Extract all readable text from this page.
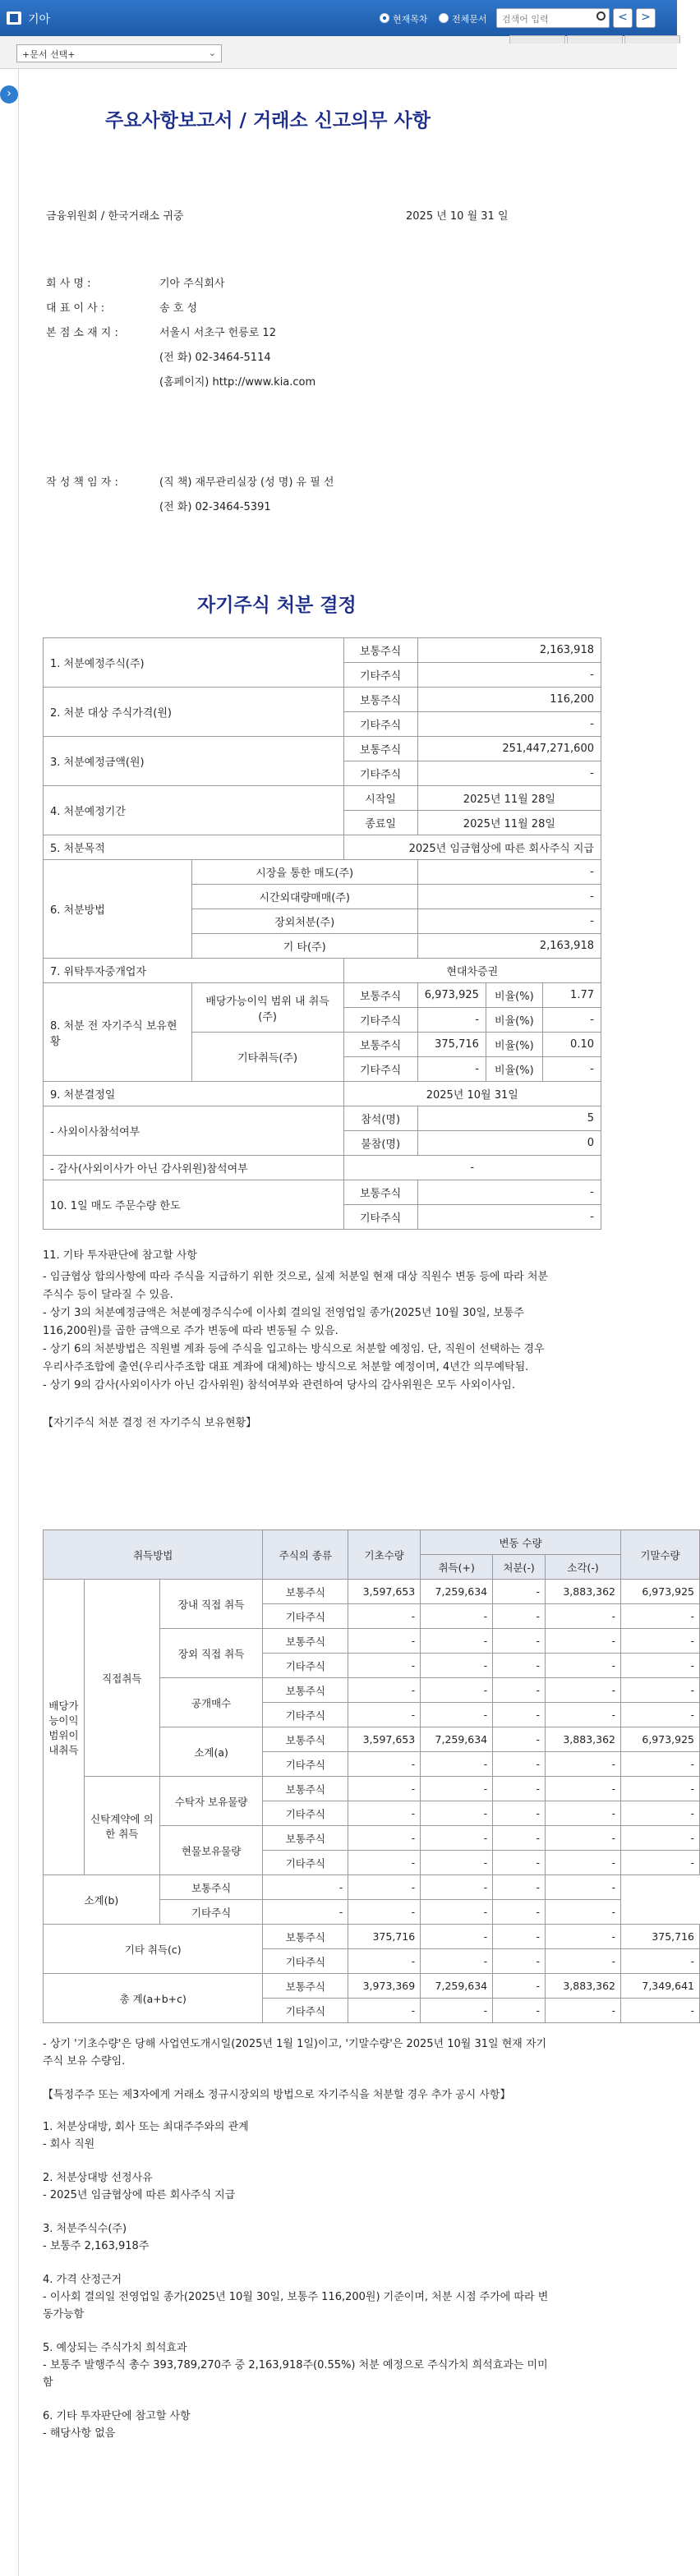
기아	현재목차	전체문서	검색어 입력	<	>
+문서 선택+	⌄
›
주요사항보고서 / 거래소 신고의무 사항
금융위원회 / 한국거래소 귀중	2025 년 10 월 31 일
회 사 명 :	기아 주식회사
대 표 이 사 :	송 호 성
본 점 소 재 지 :	서울시 서초구 헌릉로 12
(전 화) 02-3464-5114
(홈페이지) http://www.kia.com
작 성 책 임 자 :	(직 책) 재무관리실장 (성 명) 유 필 선
(전 화) 02-3464-5391
자기주식 처분 결정
1. 처분예정주식(주)		보통주식	2,163,918		
		기타주식	-		
2. 처분 대상 주식가격(원)		보통주식	116,200		
		기타주식	-		
3. 처분예정금액(원)		보통주식	251,447,271,600		
		기타주식	-		
4. 처분예정기간		시작일	2025년 11월 28일		
		종료일	2025년 11월 28일		
5. 처분목적		2025년 임금협상에 따른 회사주식 지급			
6. 처분방법	시장을 통한 매도(주)		-		
	시간외대량매매(주)		-		
	장외처분(주)		-		
	기 타(주)		2,163,918		
7. 위탁투자중개업자		현대차증권			
8. 처분 전 자기주식 보유현황	배당가능이익 범위 내 취득(주)	보통주식	6,973,925	비율(%)	1.77
		기타주식	-	비율(%)	-
	기타취득(주)	보통주식	375,716	비율(%)	0.10
		기타주식	-	비율(%)	-
9. 처분결정일		2025년 10월 31일			
- 사외이사참석여부		참석(명)	5		
		불참(명)	0		
- 감사(사외이사가 아닌 감사위원)참석여부		-			
10. 1일 매도 주문수량 한도		보통주식	-		
		기타주식	-		
11. 기타 투자판단에 참고할 사항
- 임금협상 합의사항에 따라 주식을 지급하기 위한 것으로, 실제 처분일 현재 대상 직원수 변동 등에 따라 처분 주식수 등이 달라질 수 있음.
- 상기 3의 처분예정금액은 처분예정주식수에 이사회 결의일 전영업일 종가(2025년 10월 30일, 보통주 116,200원)를 곱한 금액으로 주가 변동에 따라 변동될 수 있음.
- 상기 6의 처분방법은 직원별 계좌 등에 주식을 입고하는 방식으로 처분할 예정임. 단, 직원이 선택하는 경우 우리사주조합에 출연(우리사주조합 대표 계좌에 대체)하는 방식으로 처분할 예정이며, 4년간 의무예탁됨.
- 상기 9의 감사(사외이사가 아닌 감사위원) 참석여부와 관련하여 당사의 감사위원은 모두 사외이사임.
【자기주식 처분 결정 전 자기주식 보유현황】
취득방법			주식의 종류	기초수량	변동 수량			기말수량
					취득(+)	처분(-)	소각(-)	
배당가능이익범위이내취득	직접취득	장내 직접 취득	보통주식	3,597,653	7,259,634	-	3,883,362	6,973,925
			기타주식	-	-	-	-	-
		장외 직접 취득	보통주식	-	-	-	-	-
			기타주식	-	-	-	-	-
		공개매수	보통주식	-	-	-	-	-
			기타주식	-	-	-	-	-
		소계(a)	보통주식	3,597,653	7,259,634	-	3,883,362	6,973,925
			기타주식	-	-	-	-	-
	신탁계약에 의한 취득	수탁자 보유물량	보통주식	-	-	-	-	-
			기타주식	-	-	-	-	-
		현물보유물량	보통주식	-	-	-	-	-
			기타주식	-	-	-	-	-
소계(b)		보통주식	-	-	-	-	-	
		기타주식	-	-	-	-	-	
기타 취득(c)			보통주식	375,716	-	-	-	375,716
			기타주식	-	-	-	-	-
총 계(a+b+c)			보통주식	3,973,369	7,259,634	-	3,883,362	7,349,641
			기타주식	-	-	-	-	-
- 상기 '기초수량'은 당해 사업연도개시일(2025년 1월 1일)이고, '기말수량'은 2025년 10월 31일 현재 자기주식 보유 수량임.
【특정주주 또는 제3자에게 거래소 정규시장외의 방법으로 자기주식을 처분할 경우 추가 공시 사항】
1. 처분상대방, 회사 또는 최대주주와의 관계
- 회사 직원
2. 처분상대방 선정사유
- 2025년 임금협상에 따른 회사주식 지급
3. 처분주식수(주)
- 보통주 2,163,918주
4. 가격 산정근거
- 이사회 결의일 전영업일 종가(2025년 10월 30일, 보통주 116,200원) 기준이며, 처분 시점 주가에 따라 변동가능함
5. 예상되는 주식가치 희석효과
- 보통주 발행주식 총수 393,789,270주 중 2,163,918주(0.55%) 처분 예정으로 주식가치 희석효과는 미미함
6. 기타 투자판단에 참고할 사항
- 해당사항 없음
